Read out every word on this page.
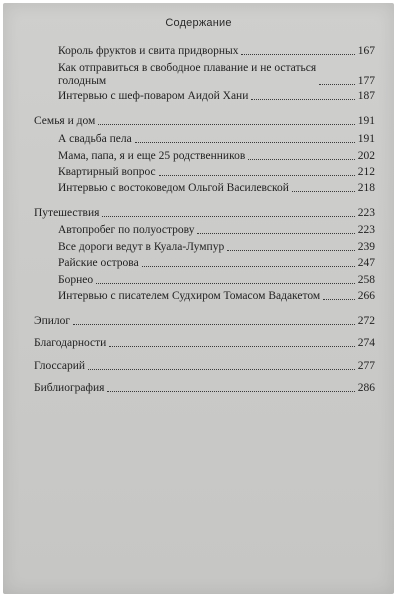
Содержание
Король фруктов и свита придворных	167
Как отправиться в свободное плавание и не остаться
голодным	177
Интервью с шеф-поваром Аидой Хани	187
Семья и дом	191
А свадьба пела	191
Мама, папа, я и еще 25 родственников	202
Квартирный вопрос	212
Интервью с востоковедом Ольгой Василевской	218
Путешествия	223
Автопробег по полуострову	223
Все дороги ведут в Куала-Лумпур	239
Райские острова	247
Борнео	258
Интервью с писателем Судхиром Томасом Вадакетом	266
Эпилог	272
Благодарности	274
Глоссарий	277
Библиография	286
